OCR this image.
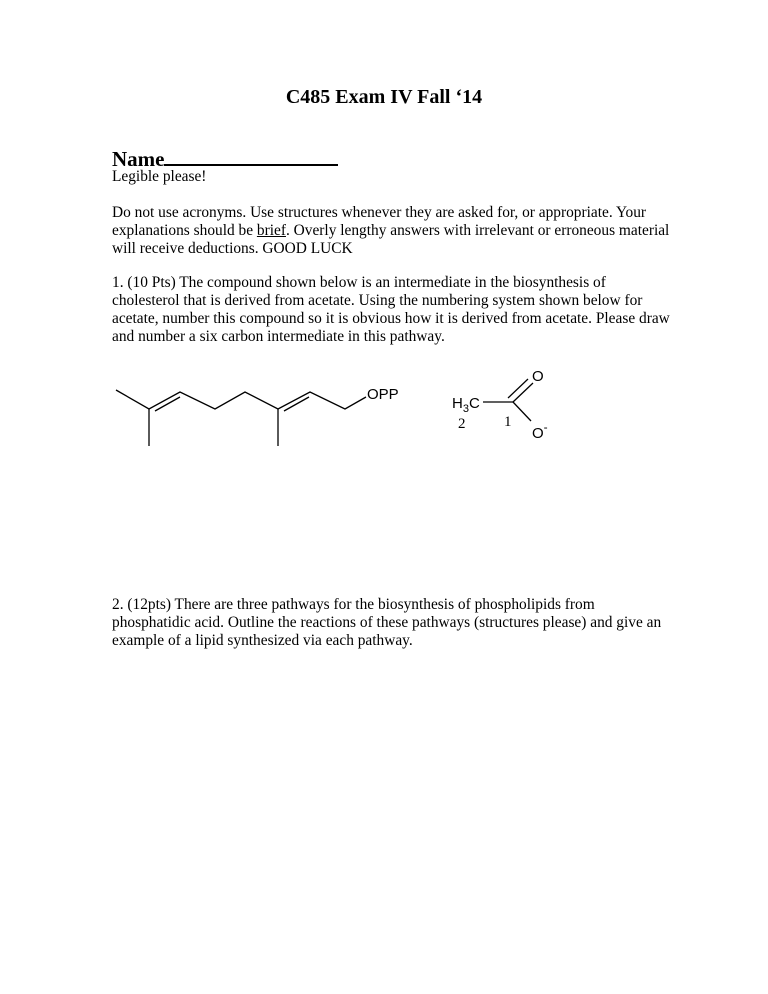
C485 Exam IV Fall ‘14
Name
Legible please!
Do not use acronyms. Use structures whenever they are asked for, or appropriate. Your explanations should be brief. Overly lengthy answers with irrelevant or erroneous material will receive deductions. GOOD LUCK
1. (10 Pts) The compound shown below is an intermediate in the biosynthesis of cholesterol that is derived from acetate. Using the numbering system shown below for acetate, number this compound so it is obvious how it is derived from acetate. Please draw and number a six carbon intermediate in this pathway.
2. (12pts) There are three pathways for the biosynthesis of phospholipids from phosphatidic acid. Outline the reactions of these pathways (structures please) and give an example of a lipid synthesized via each pathway.
OPP
$H_3C$
O
O-
2	1
